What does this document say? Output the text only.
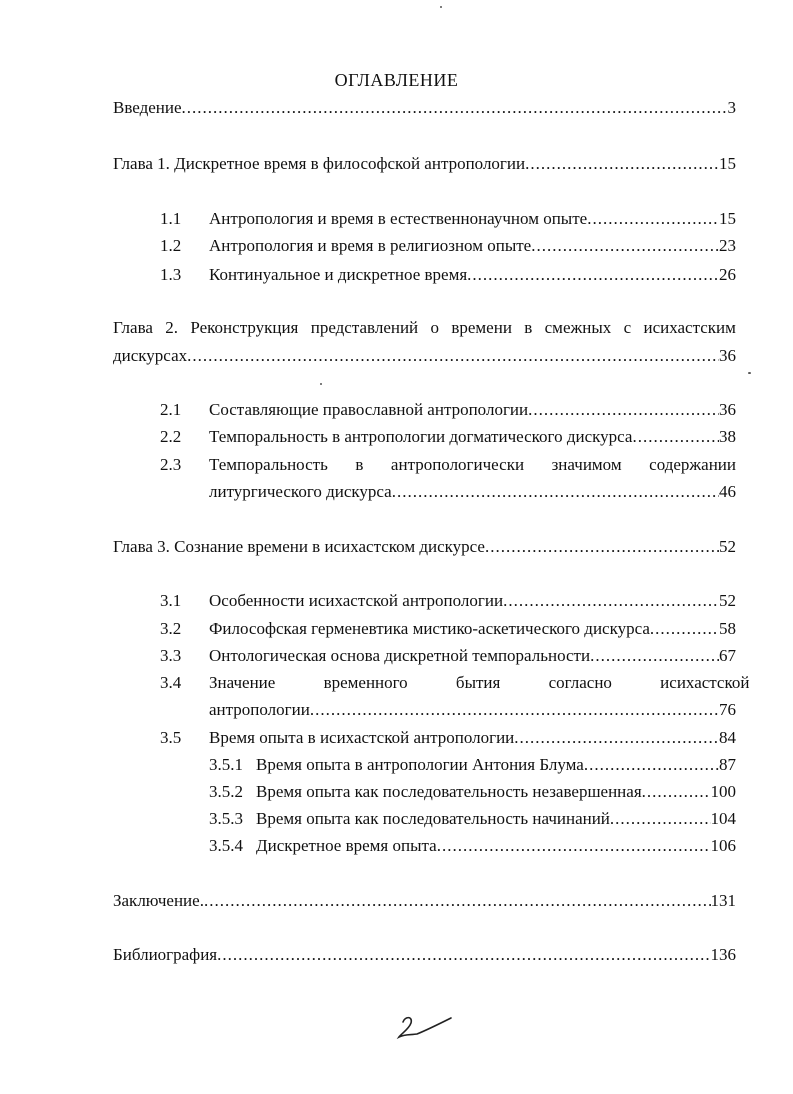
ОГЛАВЛЕНИЕ
Введение .....	3
Глава 1. Дискретное время в философской антропологии .....	15
1.1	Антропология и время в естественнонаучном опыте .....	15
1.2	Антропология и время в религиозном опыте .....	23
1.3	Континуальное и дискретное время .....	26
Глава 2. Реконструкция представлений о времени в смежных с исихастским
дискурсах .....	36
2.1	Составляющие православной антропологии .....	36
2.2	Темпоральность в антропологии догматического дискурса .....	38
2.3	Темпоральность в антропологически значимом содержании
литургического дискурса .....	46
Глава 3. Сознание времени в исихастском дискурсе .....	52
3.1	Особенности исихастской антропологии .....	52
3.2	Философская герменевтика мистико-аскетического дискурса .....	58
3.3	Онтологическая основа дискретной темпоральности .....	67
3.4	Значение временного бытия согласно исихастской
антропологии .....	76
3.5	Время опыта в исихастской антропологии .....	84
3.5.1 Время опыта в антропологии Антония Блума .....	87
3.5.2 Время опыта как последовательность незавершенная .....	100
3.5.3 Время опыта как последовательность начинаний .....	104
3.5.4 Дискретное время опыта .....	106
Заключение. .....	131
Библиография .....	136
